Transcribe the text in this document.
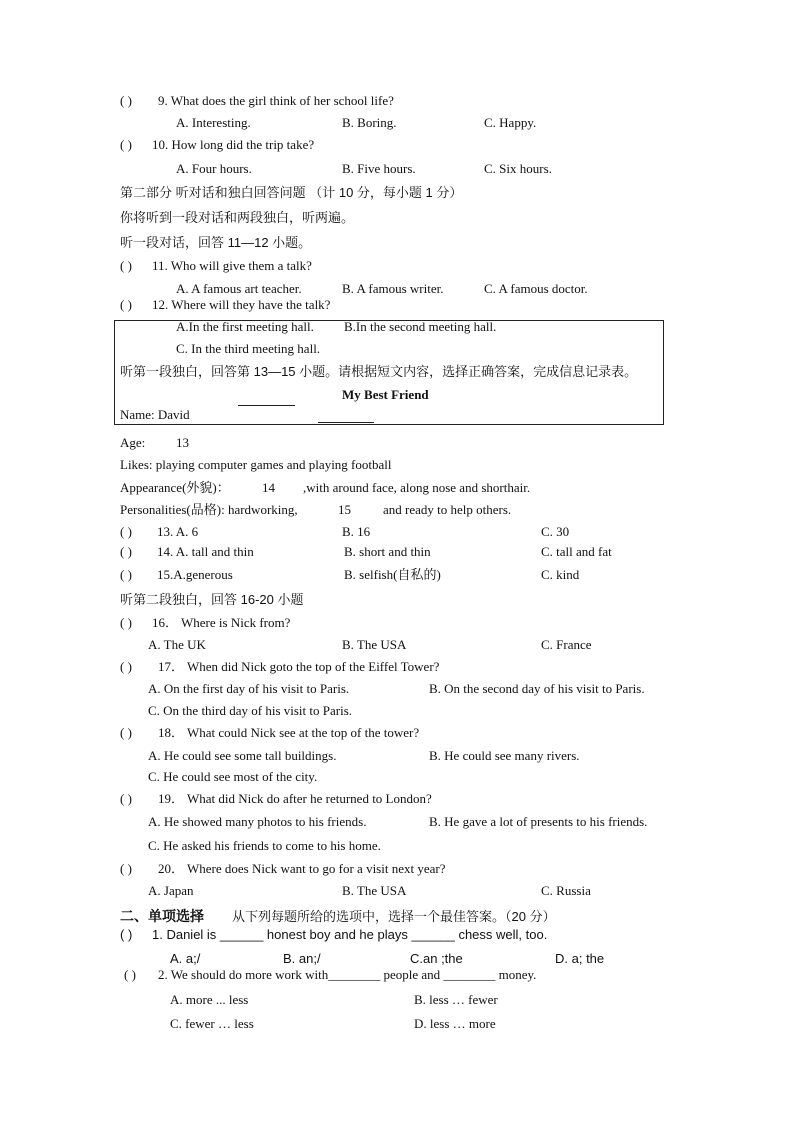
( ) 9. What does the girl think of her school life?
A. Interesting.	B. Boring.	C. Happy.
( ) 10. How long did the trip take?
A. Four hours.	B. Five hours.	C. Six hours.
第二部分 听对话和独白回答问题 （计 10 分，每小题 1 分）
你将听到一段对话和两段独白，听两遍。
听一段对话，回答 11—12 小题。
( ) 11. Who will give them a talk?
A. A famous art teacher.	B. A famous writer.	C. A famous doctor.
( ) 12. Where will they have the talk?
A.In the first meeting hall. B.In the second meeting hall.
C. In the third meeting hall.
听第一段独白，回答第 13—15 小题。请根据短文内容，选择正确答案，完成信息记录表。
My Best Friend
Name: David
Age: 13
Likes: playing computer games and playing football
Appearance(外貌)： 14 ,with around face, along nose and shorthair.
Personalities(品格): hardworking,	15 and ready to help others.
( ) 13. A. 6	B. 16	C. 30
( ) 14. A. tall and thin	B. short and thin	C. tall and fat
( ) 15.A.generous	B. selfish(自私的)	C. kind
听第二段独白，回答 16-20 小题
( ) 16． Where is Nick from?
A. The UK	B. The USA	C. France
( ) 17． When did Nick goto the top of the Eiffel Tower?
A. On the first day of his visit to Paris.	B. On the second day of his visit to Paris.
C. On the third day of his visit to Paris.
( ) 18． What could Nick see at the top of the tower?
A. He could see some tall buildings.	B. He could see many rivers.
C. He could see most of the city.
( ) 19． What did Nick do after he returned to London?
A. He showed many photos to his friends.	B. He gave a lot of presents to his friends.
C. He asked his friends to come to his home.
( ) 20． Where does Nick want to go for a visit next year?
A. Japan	B. The USA	C. Russia
二、单项选择 从下列每题所给的选项中，选择一个最佳答案。（20 分）
( ) 1. Daniel is ______ honest boy and he plays ______ chess well, too.
A. a;/	B. an;/	C.an ;the	D. a; the
( ) 2. We should do more work with________ people and ________ money.
A. more ... less	B. less … fewer
C. fewer … less	D. less … more
